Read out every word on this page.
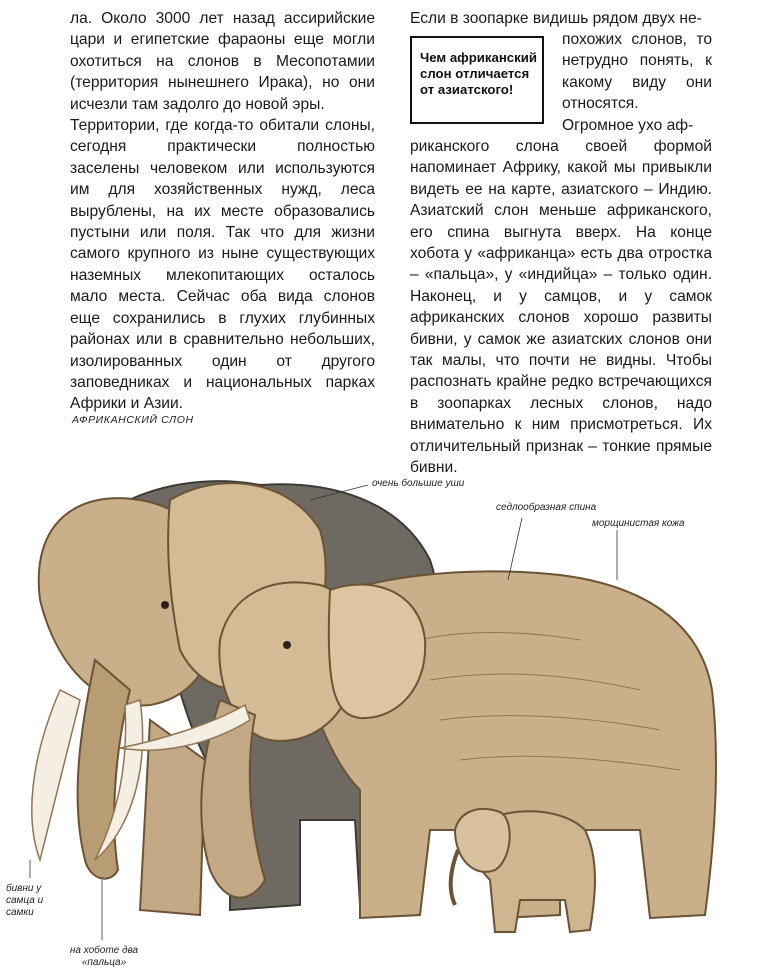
ла. Около 3000 лет назад ассирийские цари и египетские фараоны еще могли охотиться на слонов в Месопотамии (территория нынешнего Ирака), но они исчезли там задолго до новой эры.

Территории, где когда-то обитали слоны, сегодня практически полностью заселены человеком или используются им для хозяйственных нужд, леса вырублены, на их месте образовались пустыни или поля. Так что для жизни самого крупного из ныне существующих наземных млекопитающих осталось мало места. Сейчас оба вида слонов еще сохранились в глухих глубинных районах или в сравнительно небольших, изолированных один от другого заповедниках и национальных парках Африки и Азии.

Если в зоопарке видишь рядом двух не-

Чем африканский слон отличается от азиатского!

похожих слонов, то нетрудно понять, к какому виду они относятся. Огромное ухо аф-

риканского слона своей формой напоминает Африку, какой мы привыкли видеть ее на карте, азиатского – Индию. Азиатский слон меньше африканского, его спина выгнута вверх. На конце хобота у «африканца» есть два отростка – «пальца», у «индийца» – только один. Наконец, и у самцов, и у самок африканских слонов хорошо развиты бивни, у самок же азиатских слонов они так малы, что почти не видны. Чтобы распознать крайне редко встречающихся в зоопарках лесных слонов, надо внимательно к ним присмотреться. Их отличительный признак – тонкие прямые бивни.

АФРИКАНСКИЙ СЛОН
очень большие уши
седлообразная спина
морщинистая кожа
бивни у самца и самки
на хоботе два «пальца»
